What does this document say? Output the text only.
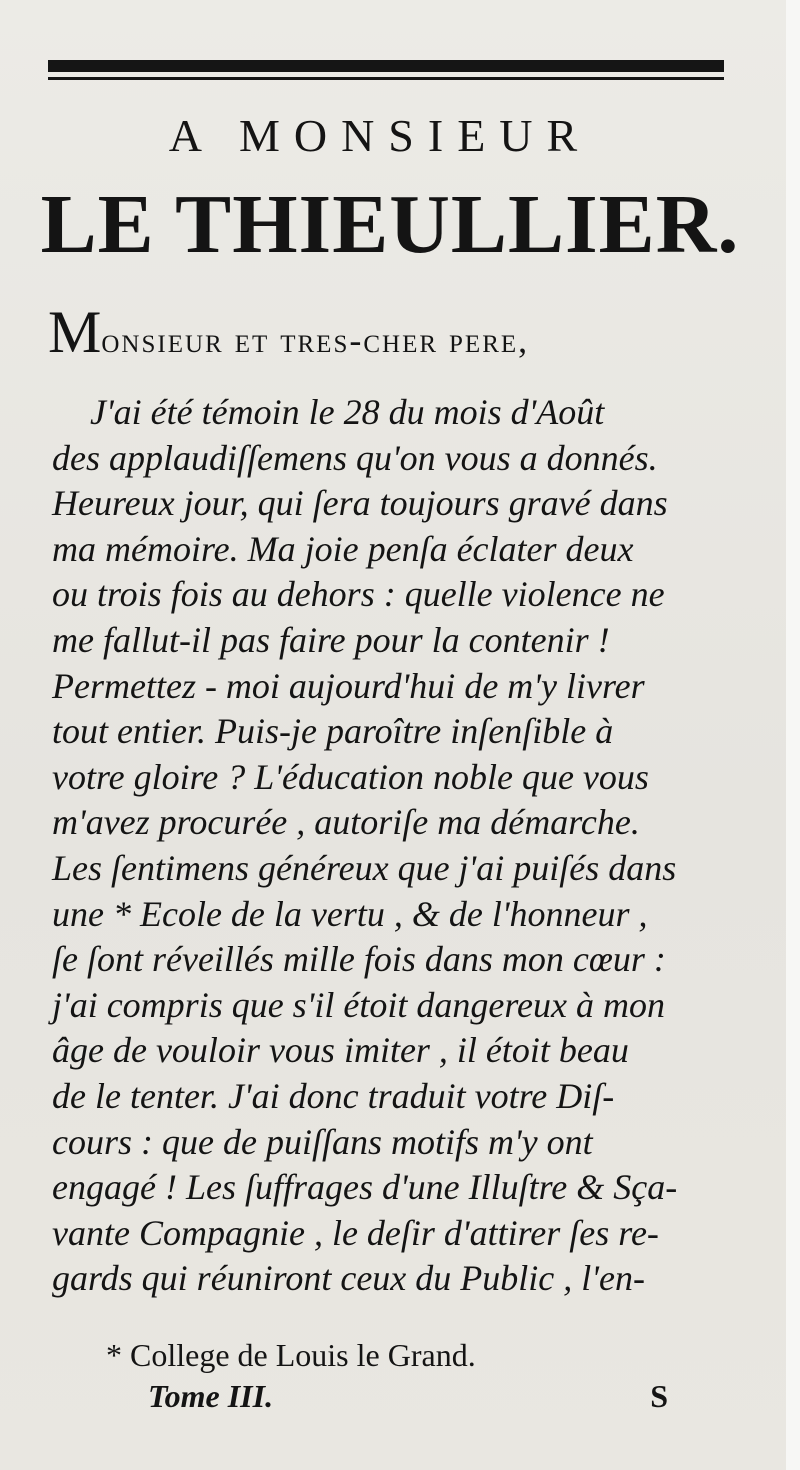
A MONSIEUR
LE THIEULLIER.
Monsieur et tres-cher pere,
J'ai été témoin le 28 du mois d'Août
des applaudiſſemens qu'on vous a donnés.
Heureux jour, qui ſera toujours gravé dans
ma mémoire. Ma joie penſa éclater deux
ou trois fois au dehors : quelle violence ne
me fallut-il pas faire pour la contenir !
Permettez - moi aujourd'hui de m'y livrer
tout entier. Puis-je paroître inſenſible à
votre gloire ? L'éducation noble que vous
m'avez procurée , autoriſe ma démarche.
Les ſentimens généreux que j'ai puiſés dans
une * Ecole de la vertu , & de l'honneur ,
ſe ſont réveillés mille fois dans mon cœur :
j'ai compris que s'il étoit dangereux à mon
âge de vouloir vous imiter , il étoit beau
de le tenter. J'ai donc traduit votre Diſ-
cours : que de puiſſans motifs m'y ont
engagé ! Les ſuffrages d'une Illuſtre & Sça-
vante Compagnie , le deſir d'attirer ſes re-
gards qui réuniront ceux du Public , l'en-
* College de Louis le Grand.
Tome III.	S
